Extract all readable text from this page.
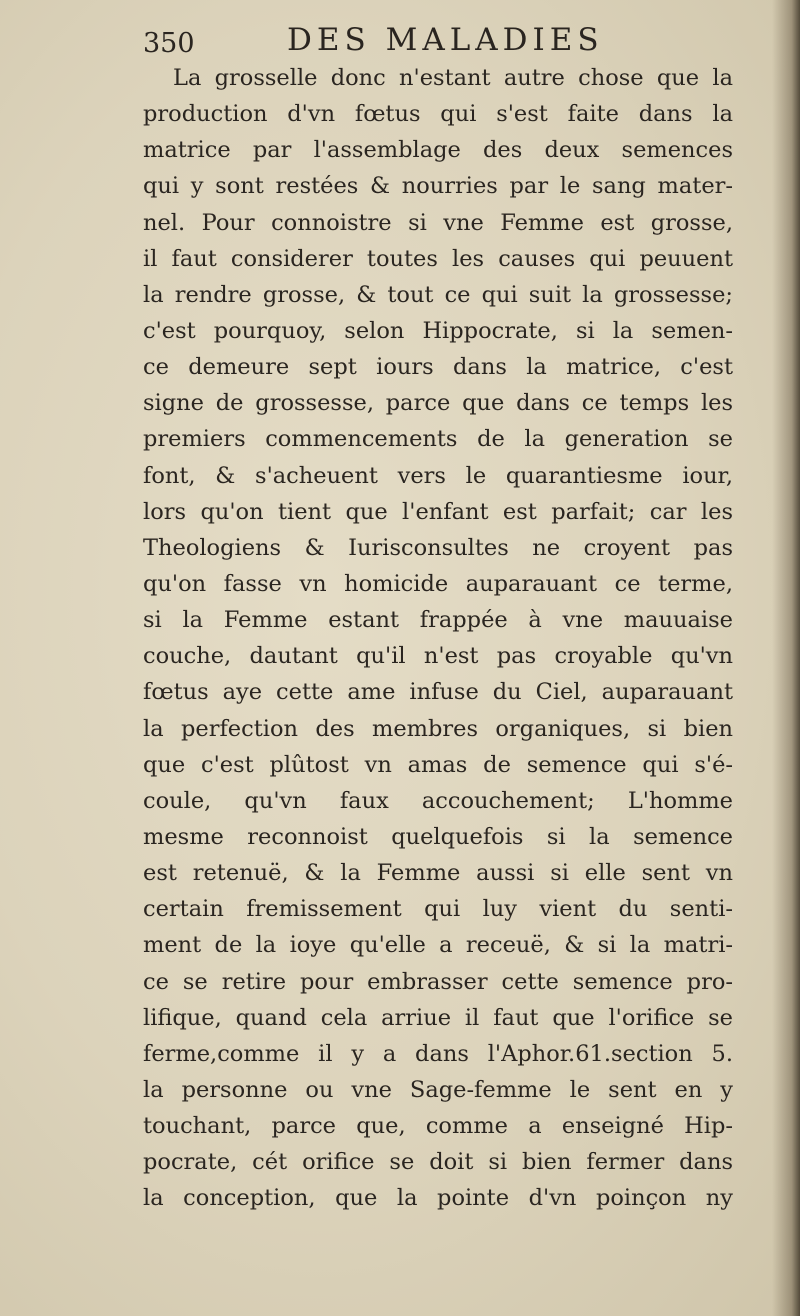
350	DES MALADIES
La grosselle donc n'estant autre chose que la
production d'vn fœtus qui s'est faite dans la
matrice par l'assemblage des deux semences
qui y sont restées & nourries par le sang mater-
nel. Pour connoistre si vne Femme est grosse,
il faut considerer toutes les causes qui peuuent
la rendre grosse, & tout ce qui suit la grossesse;
c'est pourquoy, selon Hippocrate, si la semen-
ce demeure sept iours dans la matrice, c'est
signe de grossesse, parce que dans ce temps les
premiers commencements de la generation se
font, & s'acheuent vers le quarantiesme iour,
lors qu'on tient que l'enfant est parfait; car les
Theologiens & Iurisconsultes ne croyent pas
qu'on fasse vn homicide auparauant ce terme,
si la Femme estant frappée à vne mauuaise
couche, dautant qu'il n'est pas croyable qu'vn
fœtus aye cette ame infuse du Ciel, auparauant
la perfection des membres organiques, si bien
que c'est plûtost vn amas de semence qui s'é-
coule, qu'vn faux accouchement; L'homme
mesme reconnoist quelquefois si la semence
est retenuë, & la Femme aussi si elle sent vn
certain fremissement qui luy vient du senti-
ment de la ioye qu'elle a receuë, & si la matri-
ce se retire pour embrasser cette semence pro-
lifique, quand cela arriue il faut que l'orifice se
ferme,comme il y a dans l'Aphor.61.section 5.
la personne ou vne Sage-femme le sent en y
touchant, parce que, comme a enseigné Hip-
pocrate, cét orifice se doit si bien fermer dans
la conception, que la pointe d'vn poinçon ny
